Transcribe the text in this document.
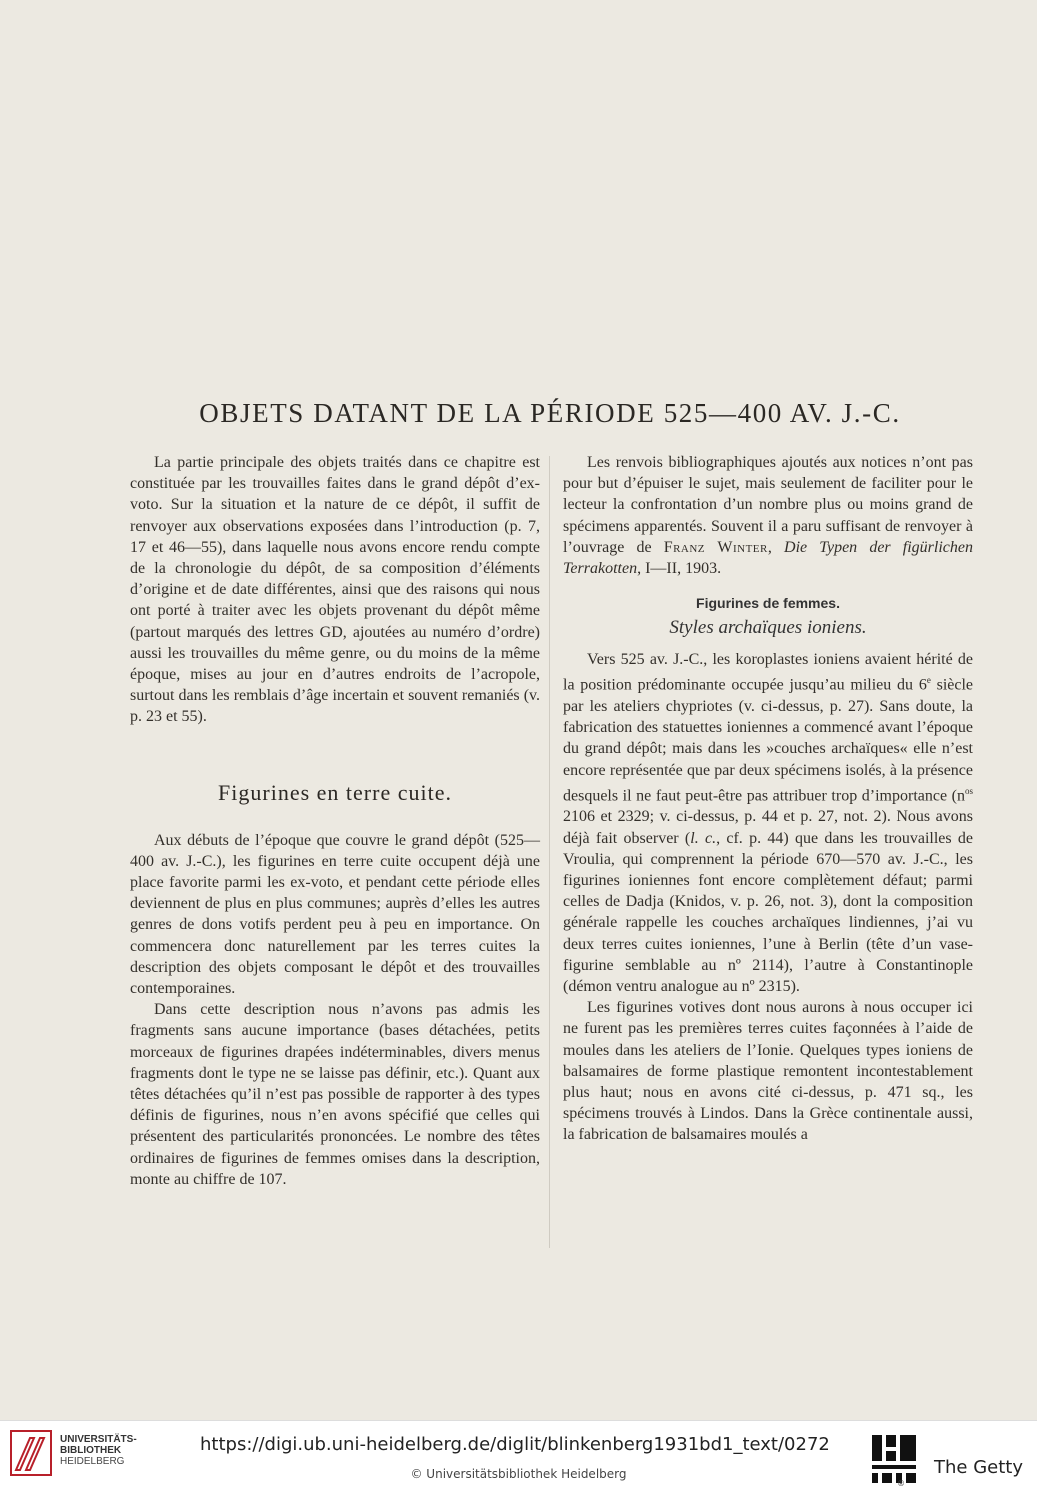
OBJETS DATANT DE LA PÉRIODE 525—400 AV. J.-C.

La partie principale des objets traités dans ce chapitre est constituée par les trouvailles faites dans le grand dépôt d’ex-voto. Sur la situation et la nature de ce dépôt, il suffit de renvoyer aux observations exposées dans l’introduction (p. 7, 17 et 46—55), dans laquelle nous avons encore rendu compte de la chronologie du dépôt, de sa composition d’éléments d’origine et de date différentes, ainsi que des raisons qui nous ont porté à traiter avec les objets provenant du dépôt même (partout marqués des lettres GD, ajoutées au numéro d’ordre) aussi les trouvailles du même genre, ou du moins de la même époque, mises au jour en d’autres endroits de l’acropole, surtout dans les remblais d’âge incertain et souvent remaniés (v. p. 23 et 55).

Figurines en terre cuite.

Aux débuts de l’époque que couvre le grand dépôt (525—400 av. J.-C.), les figurines en terre cuite occupent déjà une place favorite parmi les ex-voto, et pendant cette période elles deviennent de plus en plus communes; auprès d’elles les autres genres de dons votifs perdent peu à peu en importance. On commencera donc naturellement par les terres cuites la description des objets composant le dépôt et des trouvailles contemporaines.

Dans cette description nous n’avons pas admis les fragments sans aucune importance (bases détachées, petits morceaux de figurines drapées indéterminables, divers menus fragments dont le type ne se laisse pas définir, etc.). Quant aux têtes détachées qu’il n’est pas possible de rapporter à des types définis de figurines, nous n’en avons spécifié que celles qui présentent des particularités prononcées. Le nombre des têtes ordinaires de figurines de femmes omises dans la description, monte au chiffre de 107.

Les renvois bibliographiques ajoutés aux notices n’ont pas pour but d’épuiser le sujet, mais seulement de faciliter pour le lecteur la confrontation d’un nombre plus ou moins grand de spécimens apparentés. Souvent il a paru suffisant de renvoyer à l’ouvrage de Franz Winter, Die Typen der figürlichen Terrakotten, I—II, 1903.

Figurines de femmes.
Styles archaïques ioniens.

Vers 525 av. J.-C., les koroplastes ioniens avaient hérité de la position prédominante occupée jusqu’au milieu du 6e siècle par les ateliers chypriotes (v. ci-dessus, p. 27). Sans doute, la fabrication des statuettes ioniennes a commencé avant l’époque du grand dépôt; mais dans les »couches archaïques« elle n’est encore représentée que par deux spécimens isolés, à la présence desquels il ne faut peut-être pas attribuer trop d’importance ($n^{os}$ 2106 et 2329; v. ci-dessus, p. 44 et p. 27, not. 2). Nous avons déjà fait observer (l. c., cf. p. 44) que dans les trouvailles de Vroulia, qui comprennent la période 670—570 av. J.-C., les figurines ioniennes font encore complètement défaut; parmi celles de Dadja (Knidos, v. p. 26, not. 3), dont la composition générale rappelle les couches archaïques lindiennes, j’ai vu deux terres cuites ioniennes, l’une à Berlin (tête d’un vase-figurine semblable au nº 2114), l’autre à Constantinople (démon ventru analogue au nº 2315).

Les figurines votives dont nous aurons à nous occuper ici ne furent pas les premières terres cuites façonnées à l’aide de moules dans les ateliers de l’Ionie. Quelques types ioniens de balsamaires de forme plastique remontent incontestablement plus haut; nous en avons cité ci-dessus, p. 471 sq., les spécimens trouvés à Lindos. Dans la Grèce continentale aussi, la fabrication de balsamaires moulés a

UNIVERSITÄTS-
BIBLIOTHEK
HEIDELBERG
https://digi.ub.uni-heidelberg.de/diglit/blinkenberg1931bd1_text/0272
© Universitätsbibliothek Heidelberg
®
The Getty
